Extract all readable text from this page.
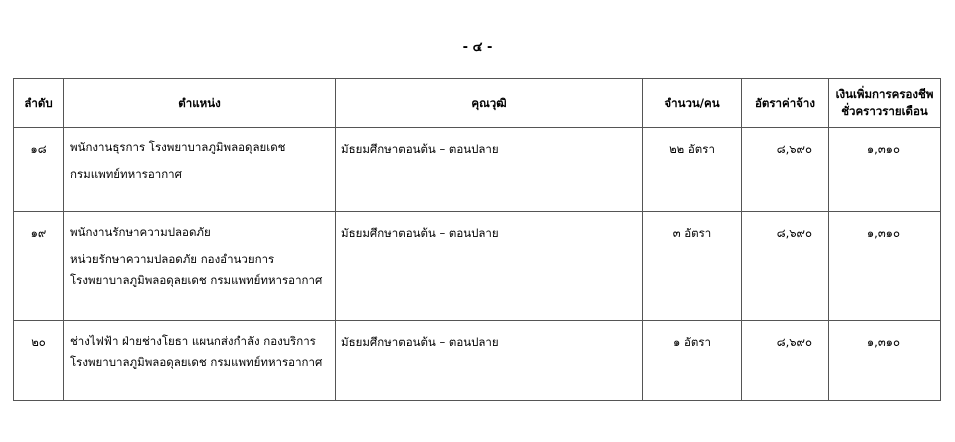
- ๔ -
ลำดับ	ตำแหน่ง	คุณวุฒิ	จำนวน/คน	อัตราค่าจ้าง	เงินเพิ่มการครองชีพ
ชั่วคราวรายเดือน

๑๘	พนักงานธุรการ โรงพยาบาลภูมิพลอดุลยเดช
กรมแพทย์ทหารอากาศ	มัธยมศึกษาตอนต้น – ตอนปลาย	๒๒ อัตรา	๘,๖๙๐	๑,๓๑๐
๑๙	พนักงานรักษาความปลอดภัย
หน่วยรักษาความปลอดภัย กองอำนวยการ
โรงพยาบาลภูมิพลอดุลยเดช กรมแพทย์ทหารอากาศ	มัธยมศึกษาตอนต้น – ตอนปลาย	๓ อัตรา	๘,๖๙๐	๑,๓๑๐
๒๐	ช่างไฟฟ้า ฝ่ายช่างโยธา แผนกส่งกำลัง กองบริการ
โรงพยาบาลภูมิพลอดุลยเดช กรมแพทย์ทหารอากาศ	มัธยมศึกษาตอนต้น – ตอนปลาย	๑ อัตรา	๘,๖๙๐	๑,๓๑๐
